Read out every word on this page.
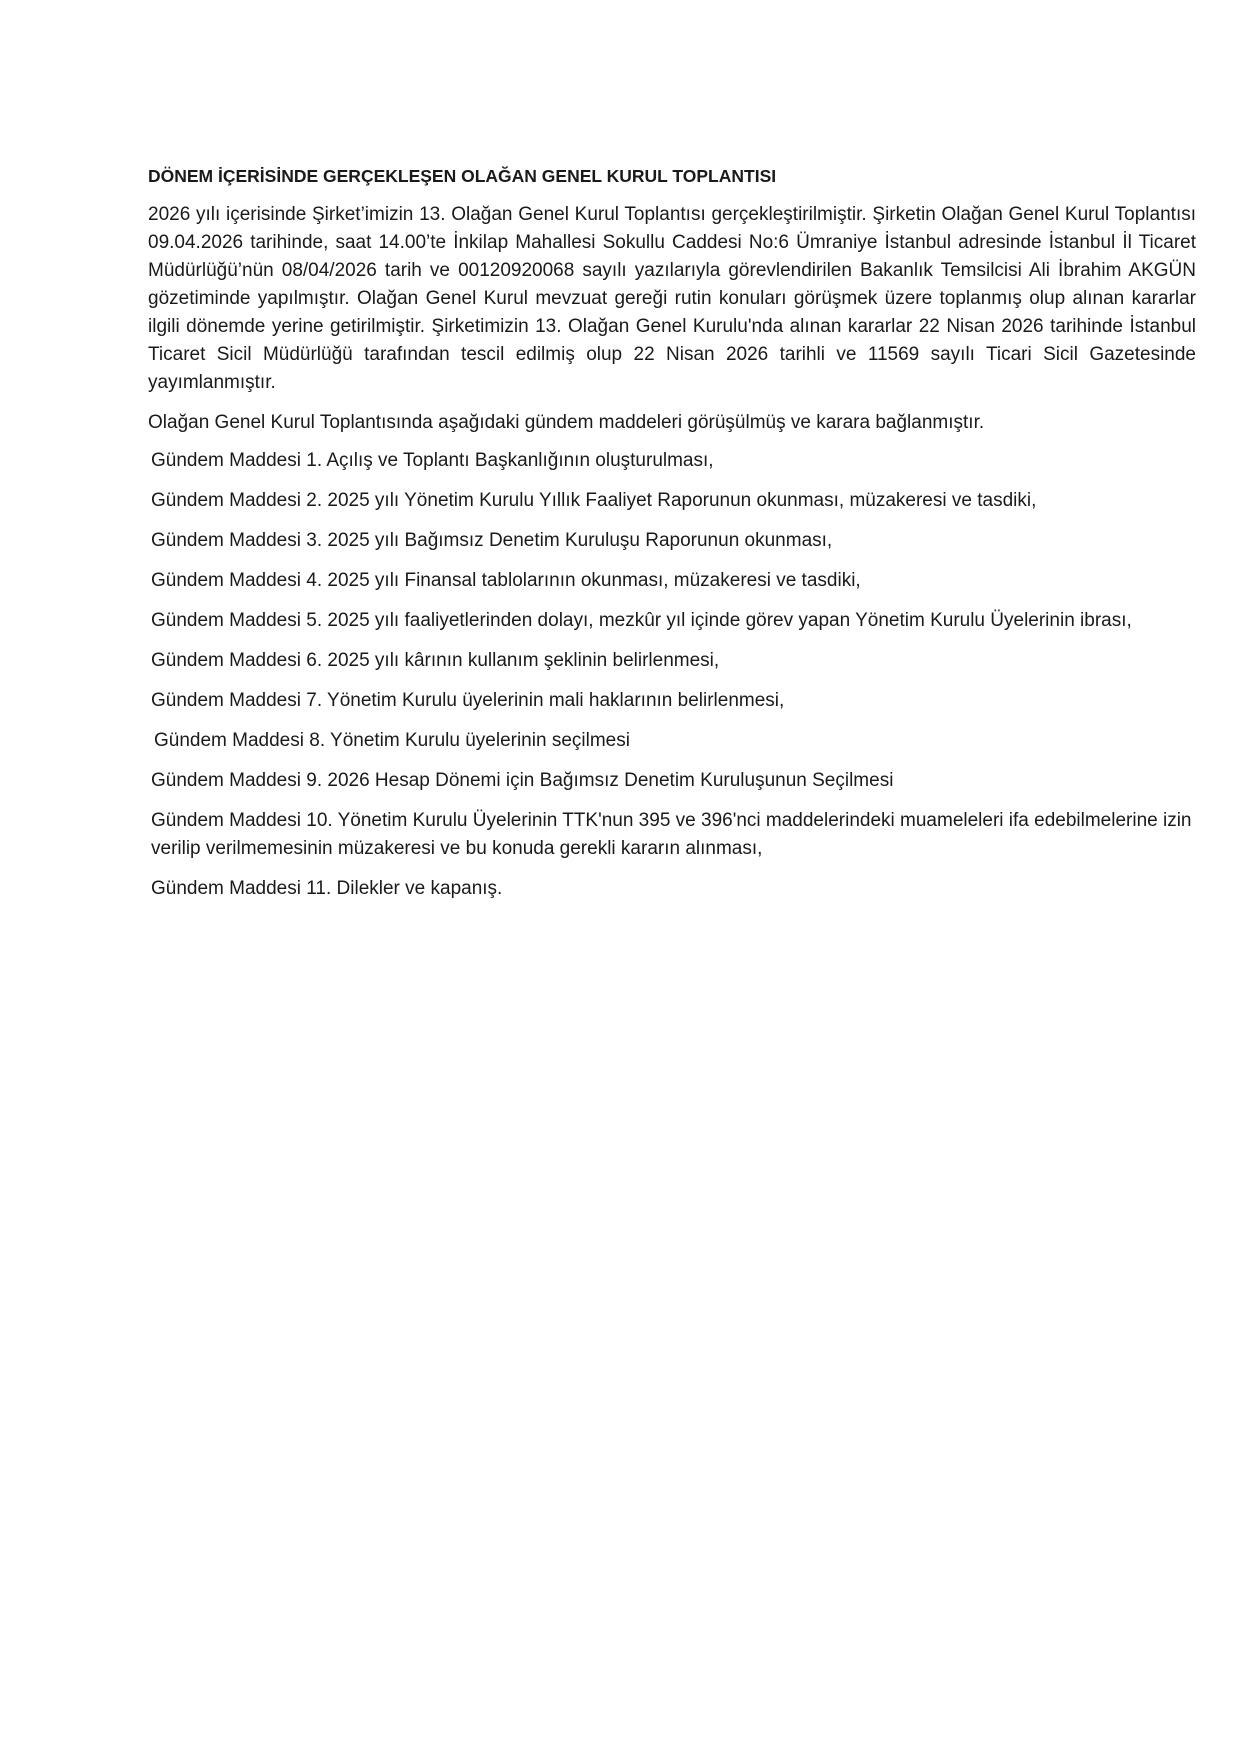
DÖNEM İÇERİSİNDE GERÇEKLEŞEN OLAĞAN GENEL KURUL TOPLANTISI

2026 yılı içerisinde Şirket’imizin 13. Olağan Genel Kurul Toplantısı gerçekleştirilmiştir. Şirketin Olağan Genel Kurul Toplantısı 09.04.2026 tarihinde, saat 14.00’te İnkilap Mahallesi Sokullu Caddesi No:6 Ümraniye İstanbul adresinde İstanbul İl Ticaret Müdürlüğü’nün 08/04/2026 tarih ve 00120920068 sayılı yazılarıyla görevlendirilen Bakanlık Temsilcisi Ali İbrahim AKGÜN gözetiminde yapılmıştır. Olağan Genel Kurul mevzuat gereği rutin konuları görüşmek üzere toplanmış olup alınan kararlar ilgili dönemde yerine getirilmiştir. Şirketimizin 13. Olağan Genel Kurulu'nda alınan kararlar 22 Nisan 2026 tarihinde İstanbul Ticaret Sicil Müdürlüğü tarafından tescil edilmiş olup 22 Nisan 2026 tarihli ve 11569 sayılı Ticari Sicil Gazetesinde yayımlanmıştır.

Olağan Genel Kurul Toplantısında aşağıdaki gündem maddeleri görüşülmüş ve karara bağlanmıştır.

Gündem Maddesi 1. Açılış ve Toplantı Başkanlığının oluşturulması,
Gündem Maddesi 2. 2025 yılı Yönetim Kurulu Yıllık Faaliyet Raporunun okunması, müzakeresi ve tasdiki,
Gündem Maddesi 3. 2025 yılı Bağımsız Denetim Kuruluşu Raporunun okunması,
Gündem Maddesi 4. 2025 yılı Finansal tablolarının okunması, müzakeresi ve tasdiki,
Gündem Maddesi 5. 2025 yılı faaliyetlerinden dolayı, mezkûr yıl içinde görev yapan Yönetim Kurulu Üyelerinin ibrası,
Gündem Maddesi 6. 2025 yılı kârının kullanım şeklinin belirlenmesi,
Gündem Maddesi 7. Yönetim Kurulu üyelerinin mali haklarının belirlenmesi,
Gündem Maddesi 8. Yönetim Kurulu üyelerinin seçilmesi
Gündem Maddesi 9. 2026 Hesap Dönemi için Bağımsız Denetim Kuruluşunun Seçilmesi
Gündem Maddesi 10. Yönetim Kurulu Üyelerinin TTK'nun 395 ve 396'nci maddelerindeki muameleleri ifa edebilmelerine izin verilip verilmemesinin müzakeresi ve bu konuda gerekli kararın alınması,
Gündem Maddesi 11. Dilekler ve kapanış.
